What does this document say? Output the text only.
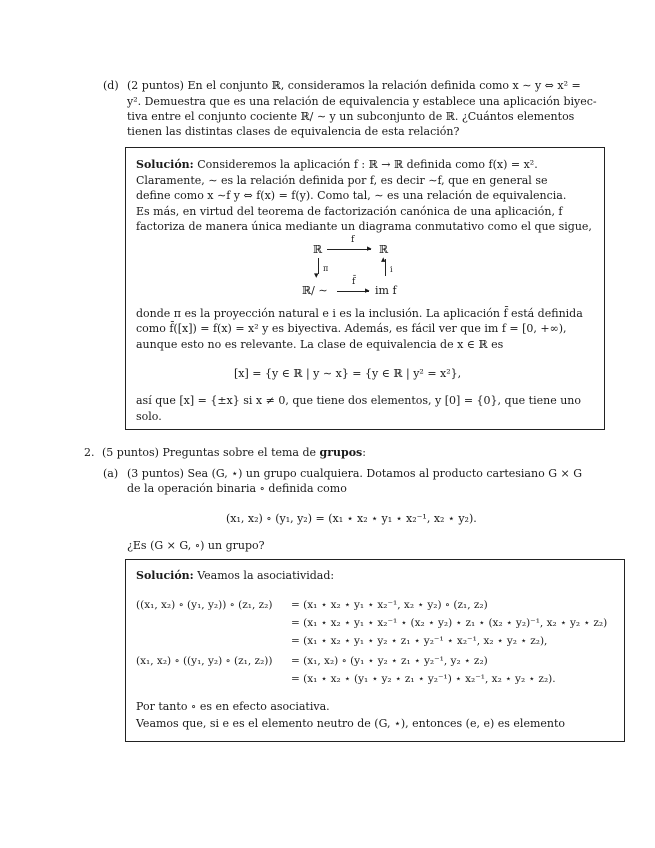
(d) (2 puntos) En el conjunto ℝ, consideramos la relación definida como x ∼ y ⇔ x² =
y². Demuestra que es una relación de equivalencia y establece una aplicación biyec-
tiva entre el conjunto cociente ℝ/ ∼ y un subconjunto de ℝ. ¿Cuántos elementos
tienen las distintas clases de equivalencia de esta relación?
Solución: Consideremos la aplicación f : ℝ → ℝ definida como f(x) = x².
Claramente, ∼ es la relación definida por f, es decir ∼f, que en general se
define como x ∼f y ⇔ f(x) = f(y). Como tal, ∼ es una relación de equivalencia.
Es más, en virtud del teorema de factorización canónica de una aplicación, f
factoriza de manera única mediante un diagrama conmutativo como el que sigue,
ℝ
f
▸ ℝ
▾
π
▴
i
ℝ/ ∼
f̄
▸ im f
donde π es la proyección natural e i es la inclusión. La aplicación f̄ está definida
como f̄([x]) = f(x) = x² y es biyectiva. Además, es fácil ver que im f = [0, +∞),
aunque esto no es relevante. La clase de equivalencia de x ∈ ℝ es
[x] = {y ∈ ℝ | y ∼ x} = {y ∈ ℝ | y² = x²},
así que [x] = {±x} si x ≠ 0, que tiene dos elementos, y [0] = {0}, que tiene uno
solo.
2. (5 puntos) Preguntas sobre el tema de grupos:
(a) (3 puntos) Sea (G, ⋆) un grupo cualquiera. Dotamos al producto cartesiano G × G
de la operación binaria ∘ definida como
(x₁, x₂) ∘ (y₁, y₂) = (x₁ ⋆ x₂ ⋆ y₁ ⋆ x₂⁻¹, x₂ ⋆ y₂).
¿Es (G × G, ∘) un grupo?
Solución: Veamos la asociatividad:
((x₁, x₂) ∘ (y₁, y₂)) ∘ (z₁, z₂) = (x₁ ⋆ x₂ ⋆ y₁ ⋆ x₂⁻¹, x₂ ⋆ y₂) ∘ (z₁, z₂)
= (x₁ ⋆ x₂ ⋆ y₁ ⋆ x₂⁻¹ ⋆ (x₂ ⋆ y₂) ⋆ z₁ ⋆ (x₂ ⋆ y₂)⁻¹, x₂ ⋆ y₂ ⋆ z₂)
= (x₁ ⋆ x₂ ⋆ y₁ ⋆ y₂ ⋆ z₁ ⋆ y₂⁻¹ ⋆ x₂⁻¹, x₂ ⋆ y₂ ⋆ z₂),
(x₁, x₂) ∘ ((y₁, y₂) ∘ (z₁, z₂)) = (x₁, x₂) ∘ (y₁ ⋆ y₂ ⋆ z₁ ⋆ y₂⁻¹, y₂ ⋆ z₂)
= (x₁ ⋆ x₂ ⋆ (y₁ ⋆ y₂ ⋆ z₁ ⋆ y₂⁻¹) ⋆ x₂⁻¹, x₂ ⋆ y₂ ⋆ z₂).
Por tanto ∘ es en efecto asociativa.
Veamos que, si e es el elemento neutro de (G, ⋆), entonces (e, e) es elemento
